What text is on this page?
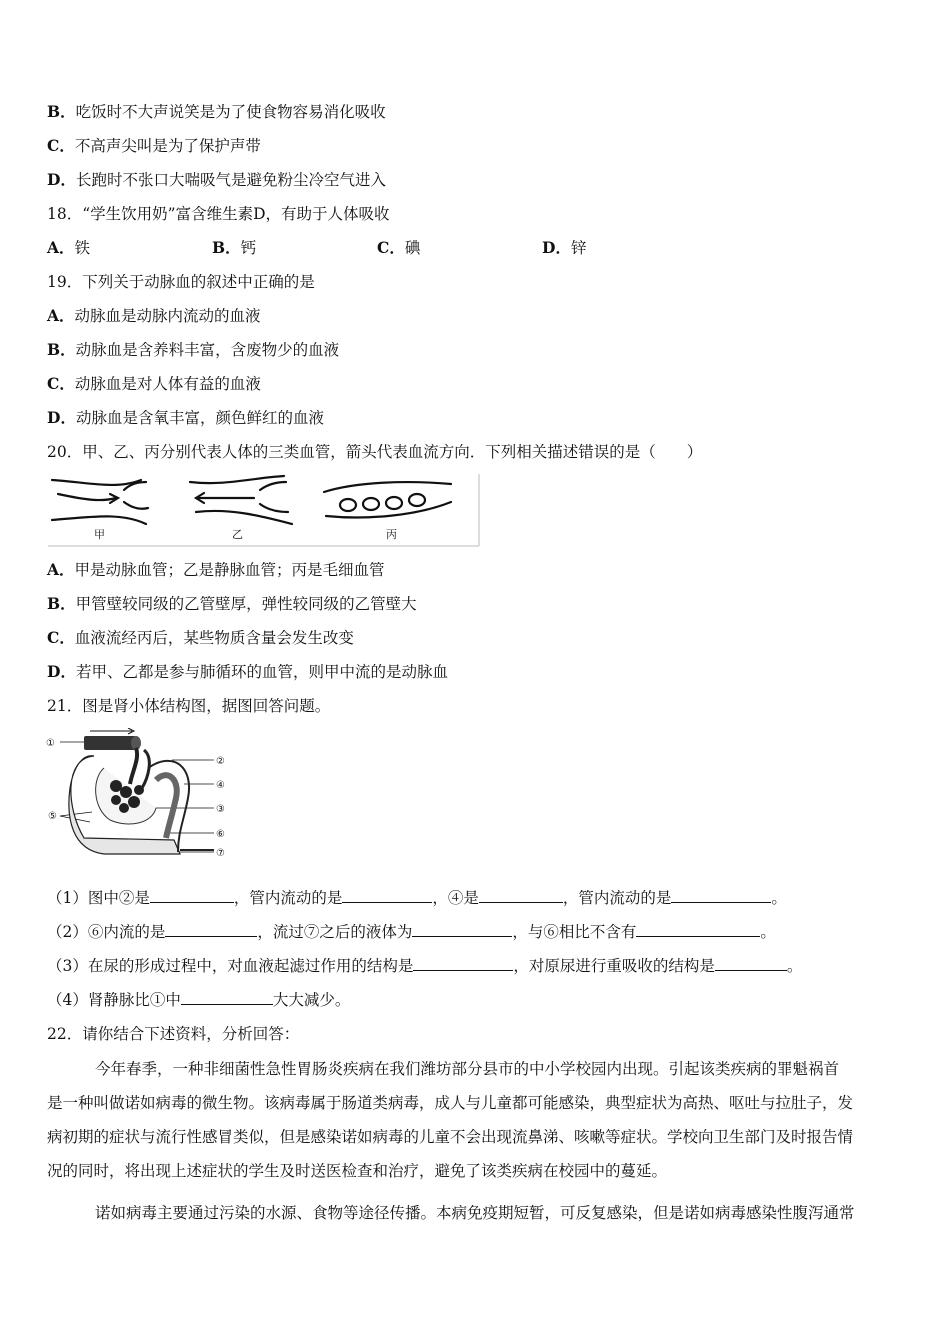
B．吃饭时不大声说笑是为了使食物容易消化吸收
C．不高声尖叫是为了保护声带
D．长跑时不张口大喘吸气是避免粉尘冷空气进入
18．“学生饮用奶”富含维生素D，有助于人体吸收
A．铁	B．钙	C．碘	D．锌
19．下列关于动脉血的叙述中正确的是
A．动脉血是动脉内流动的血液
B．动脉血是含养料丰富，含废物少的血液
C．动脉血是对人体有益的血液
D．动脉血是含氧丰富，颜色鲜红的血液
20．甲、乙、丙分别代表人体的三类血管，箭头代表血流方向．下列相关描述错误的是（　　）
甲	乙	丙
A．甲是动脉血管；乙是静脉血管；丙是毛细血管
B．甲管壁较同级的乙管壁厚，弹性较同级的乙管壁大
C．血液流经丙后，某些物质含量会发生改变
D．若甲、乙都是参与肺循环的血管，则甲中流的是动脉血
21．图是肾小体结构图，据图回答问题。
①
②
④
③
⑤
⑥
⑦
（1）图中②是	，管内流动的是	，④是	，管内流动的是	。
（2）⑥内流的是	，流过⑦之后的液体为	，与⑥相比不含有	。
（3）在尿的形成过程中，对血液起滤过作用的结构是	，对原尿进行重吸收的结构是	。
（4）肾静脉比①中	大大减少。
22．请你结合下述资料，分析回答：
今年春季，一种非细菌性急性胃肠炎疾病在我们潍坊部分县市的中小学校园内出现。引起该类疾病的罪魁祸首
是一种叫做诺如病毒的微生物。该病毒属于肠道类病毒，成人与儿童都可能感染，典型症状为高热、呕吐与拉肚子，发
病初期的症状与流行性感冒类似，但是感染诺如病毒的儿童不会出现流鼻涕、咳嗽等症状。学校向卫生部门及时报告情
况的同时，将出现上述症状的学生及时送医检查和治疗，避免了该类疾病在校园中的蔓延。
诺如病毒主要通过污染的水源、食物等途径传播。本病免疫期短暂，可反复感染，但是诺如病毒感染性腹泻通常
